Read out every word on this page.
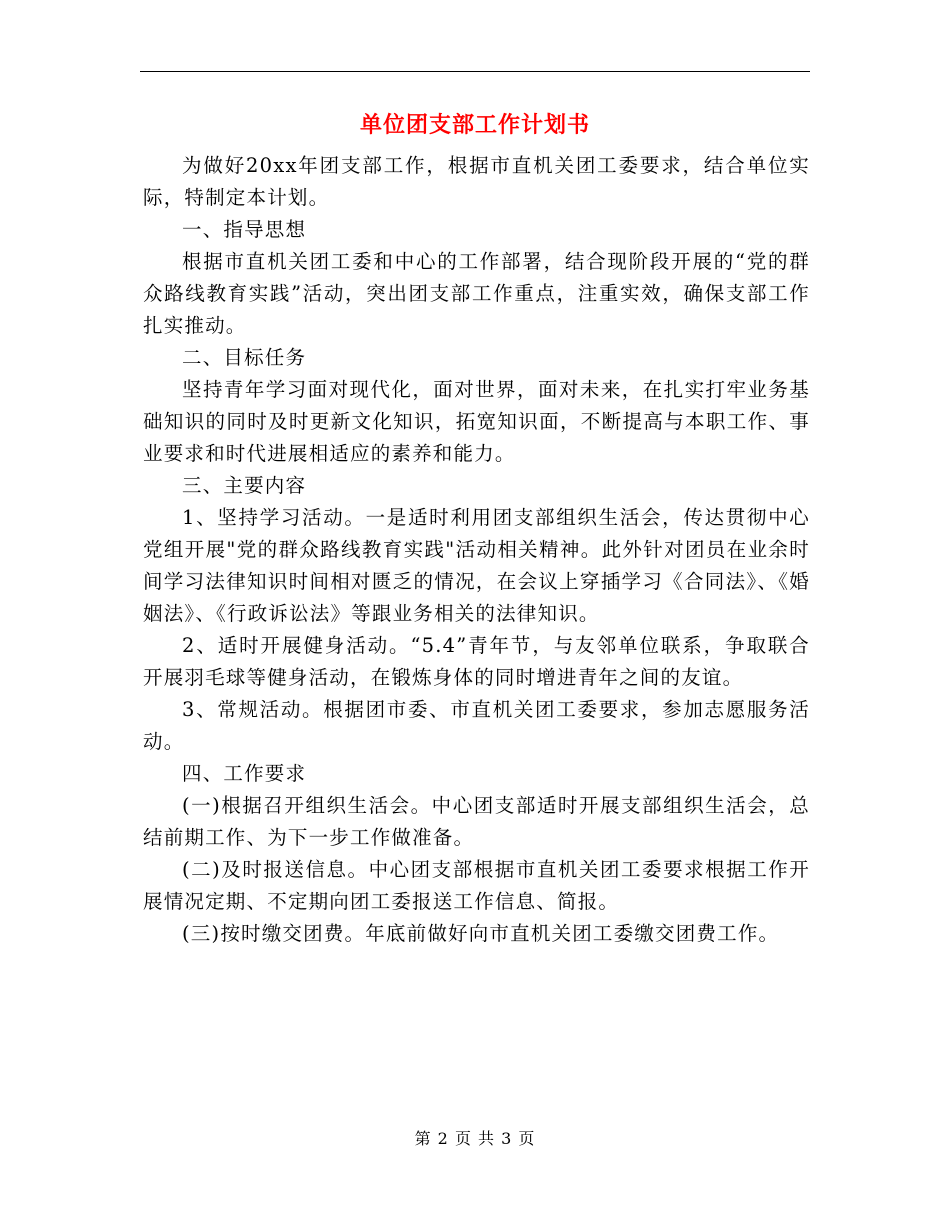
单位团支部工作计划书

为做好20xx年团支部工作，根据市直机关团工委要求，结合单位实际，特制定本计划。

一、指导思想

根据市直机关团工委和中心的工作部署，结合现阶段开展的“党的群众路线教育实践”活动，突出团支部工作重点，注重实效，确保支部工作扎实推动。

二、目标任务

坚持青年学习面对现代化，面对世界，面对未来，在扎实打牢业务基础知识的同时及时更新文化知识，拓宽知识面，不断提高与本职工作、事业要求和时代进展相适应的素养和能力。

三、主要内容

1、坚持学习活动。一是适时利用团支部组织生活会，传达贯彻中心党组开展"党的群众路线教育实践"活动相关精神。此外针对团员在业余时间学习法律知识时间相对匮乏的情况，在会议上穿插学习《合同法》、《婚姻法》、《行政诉讼法》等跟业务相关的法律知识。

2、适时开展健身活动。“5.4”青年节，与友邻单位联系，争取联合开展羽毛球等健身活动，在锻炼身体的同时增进青年之间的友谊。

3、常规活动。根据团市委、市直机关团工委要求，参加志愿服务活动。

四、工作要求

(一)根据召开组织生活会。中心团支部适时开展支部组织生活会，总结前期工作、为下一步工作做准备。

(二)及时报送信息。中心团支部根据市直机关团工委要求根据工作开展情况定期、不定期向团工委报送工作信息、简报。

(三)按时缴交团费。年底前做好向市直机关团工委缴交团费工作。

第 2 页 共 3 页
